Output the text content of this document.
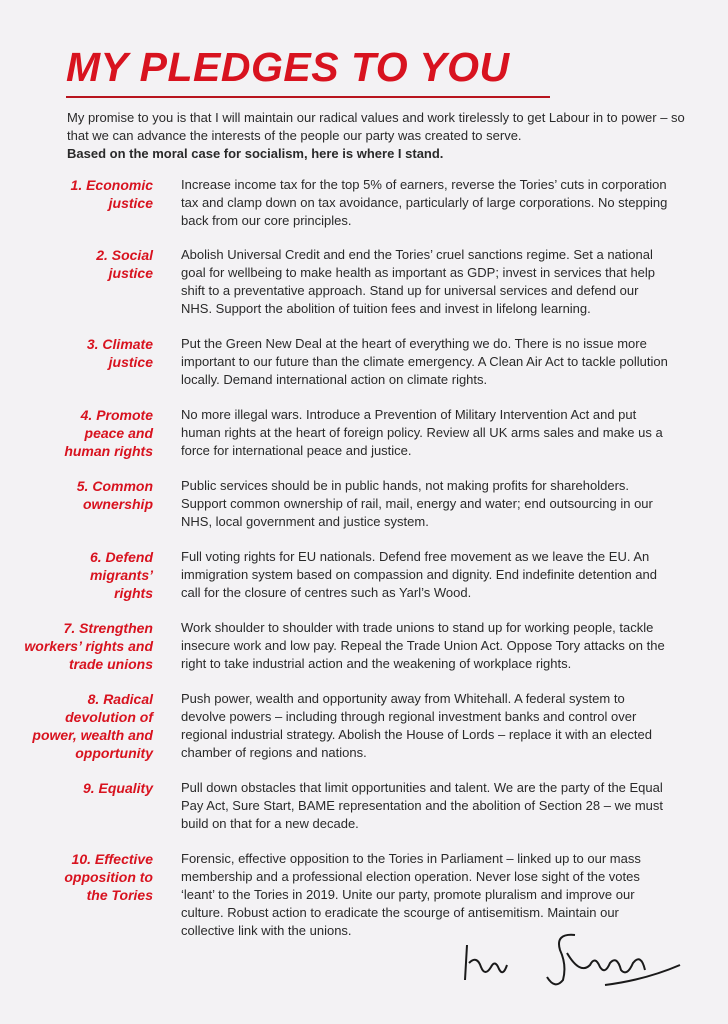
MY PLEDGES TO YOU
My promise to you is that I will maintain our radical values and work tirelessly to get Labour in to power – so that we can advance the interests of the people our party was created to serve.
Based on the moral case for socialism, here is where I stand.
1. Economic justice
Increase income tax for the top 5% of earners, reverse the Tories’ cuts in corporation tax and clamp down on tax avoidance, particularly of large corporations. No stepping back from our core principles.
2. Social justice
Abolish Universal Credit and end the Tories’ cruel sanctions regime. Set a national goal for wellbeing to make health as important as GDP; invest in services that help shift to a preventative approach. Stand up for universal services and defend our NHS. Support the abolition of tuition fees and invest in lifelong learning.
3. Climate justice
Put the Green New Deal at the heart of everything we do. There is no issue more important to our future than the climate emergency. A Clean Air Act to tackle pollution locally. Demand international action on climate rights.
4. Promote peace and human rights
No more illegal wars. Introduce a Prevention of Military Intervention Act and put human rights at the heart of foreign policy. Review all UK arms sales and make us a force for international peace and justice.
5. Common ownership
Public services should be in public hands, not making profits for shareholders. Support common ownership of rail, mail, energy and water; end outsourcing in our NHS, local government and justice system.
6. Defend migrants’ rights
Full voting rights for EU nationals. Defend free movement as we leave the EU. An immigration system based on compassion and dignity. End indefinite detention and call for the closure of centres such as Yarl’s Wood.
7. Strengthen workers’ rights and trade unions
Work shoulder to shoulder with trade unions to stand up for working people, tackle insecure work and low pay. Repeal the Trade Union Act. Oppose Tory attacks on the right to take industrial action and the weakening of workplace rights.
8. Radical devolution of power, wealth and opportunity
Push power, wealth and opportunity away from Whitehall. A federal system to devolve powers – including through regional investment banks and control over regional industrial strategy. Abolish the House of Lords – replace it with an elected chamber of regions and nations.
9. Equality Pull down obstacles that limit opportunities and talent. We are the party of the Equal Pay Act, Sure Start, BAME representation and the abolition of Section 28 – we must build on that for a new decade.
10. Effective opposition to the Tories
Forensic, effective opposition to the Tories in Parliament – linked up to our mass membership and a professional election operation. Never lose sight of the votes ‘leant’ to the Tories in 2019. Unite our party, promote pluralism and improve our culture. Robust action to eradicate the scourge of antisemitism. Maintain our collective link with the unions.
